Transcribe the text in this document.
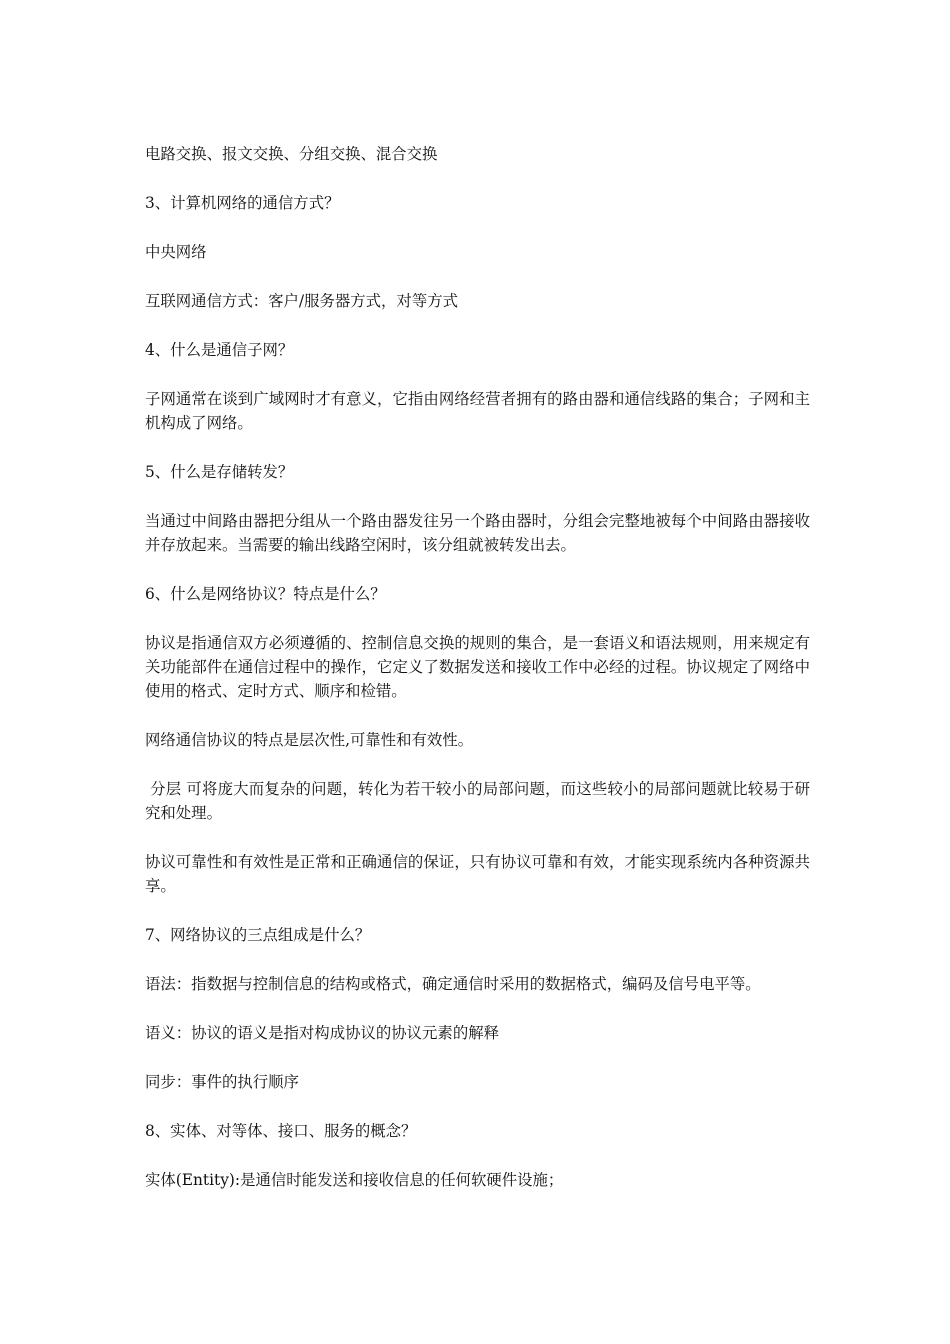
电路交换、报文交换、分组交换、混合交换

3、计算机网络的通信方式？

中央网络

互联网通信方式：客户/服务器方式，对等方式

4、什么是通信子网？

子网通常在谈到广域网时才有意义，它指由网络经营者拥有的路由器和通信线路的集合；子网和主机构成了网络。

5、什么是存储转发？

当通过中间路由器把分组从一个路由器发往另一个路由器时，分组会完整地被每个中间路由器接收并存放起来。当需要的输出线路空闲时，该分组就被转发出去。

6、什么是网络协议？特点是什么？

协议是指通信双方必须遵循的、控制信息交换的规则的集合，是一套语义和语法规则，用来规定有关功能部件在通信过程中的操作，它定义了数据发送和接收工作中必经的过程。协议规定了网络中使用的格式、定时方式、顺序和检错。

网络通信协议的特点是层次性,可靠性和有效性。

分层 可将庞大而复杂的问题，转化为若干较小的局部问题，而这些较小的局部问题就比较易于研究和处理。

协议可靠性和有效性是正常和正确通信的保证，只有协议可靠和有效，才能实现系统内各种资源共享。

7、网络协议的三点组成是什么？

语法：指数据与控制信息的结构或格式，确定通信时采用的数据格式，编码及信号电平等。

语义：协议的语义是指对构成协议的协议元素的解释

同步：事件的执行顺序

8、实体、对等体、接口、服务的概念？

实体(Entity):是通信时能发送和接收信息的任何软硬件设施；
